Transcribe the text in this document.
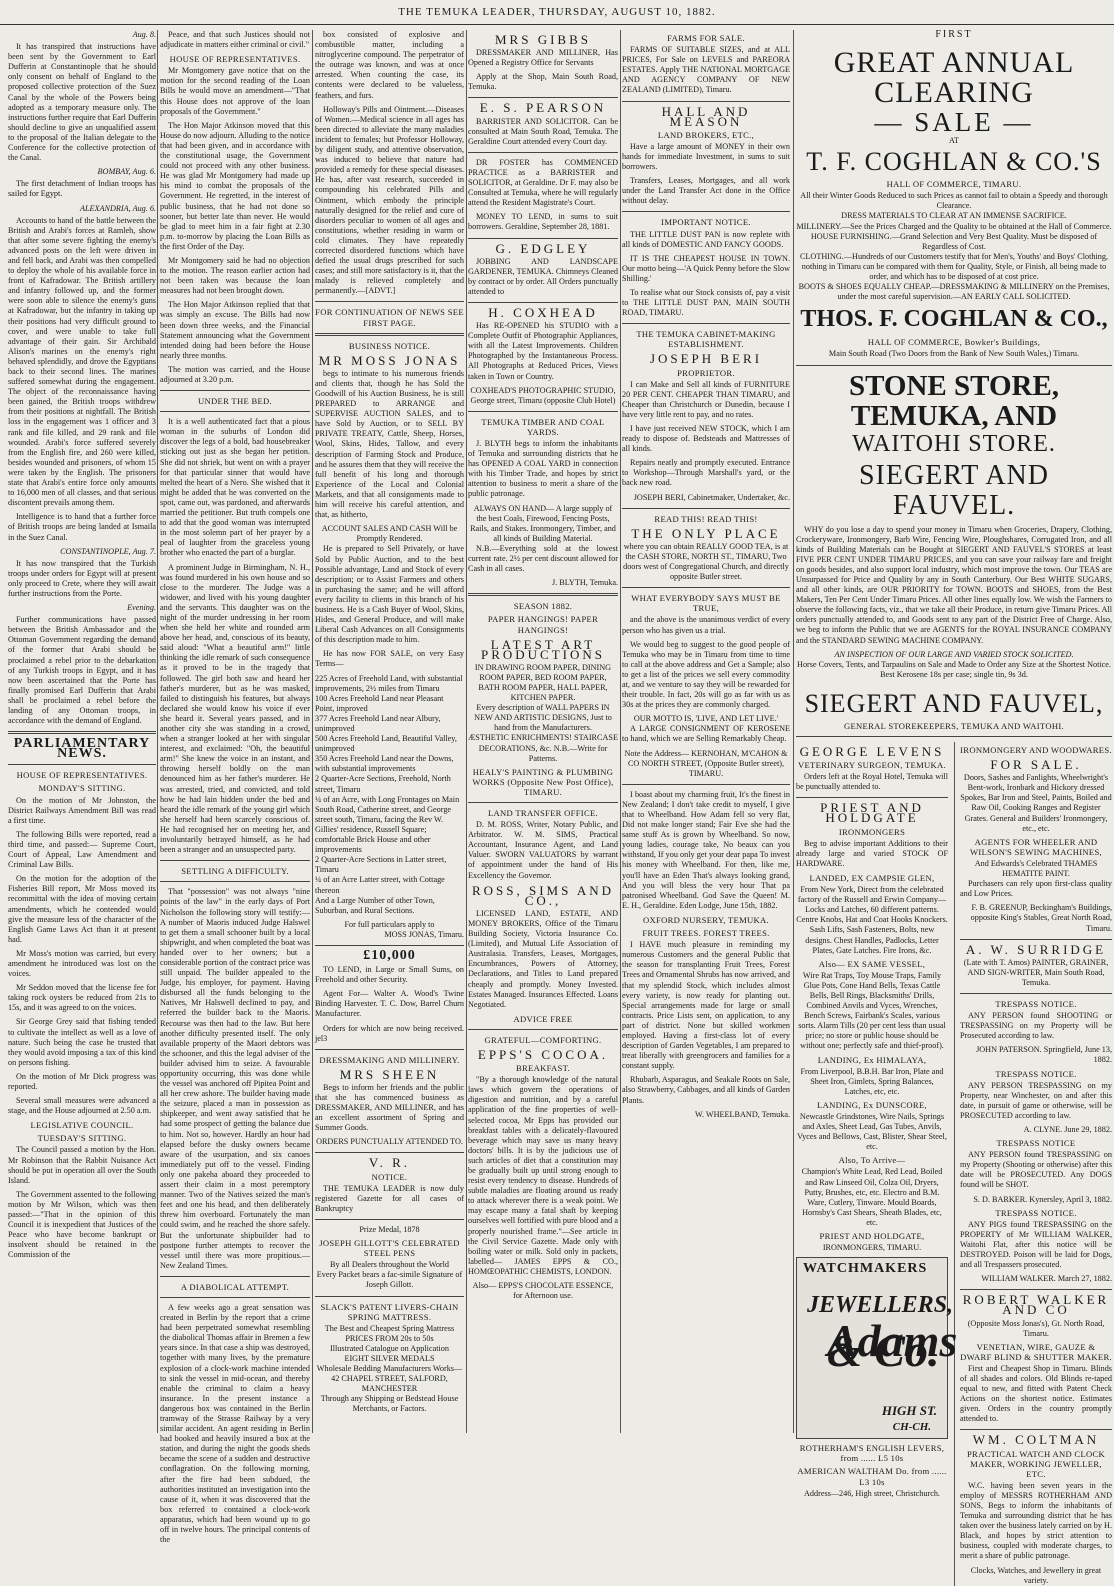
THE TEMUKA LEADER, THURSDAY, AUGUST 10, 1882.
Aug. 8.

It has transpired that instructions have been sent by the Government to Earl Dufferin at Constantinople that he should only consent on behalf of England to the proposed collective protection of the Suez Canal by the whole of the Powers being adopted as a temporary measure only. The instructions further require that Earl Dufferin should decline to give an unqualified assent to the proposal of the Italian delegate to the Conference for the collective protection of the Canal.

BOMBAY, Aug. 6.

The first detachment of Indian troops has sailed for Egypt.

ALEXANDRIA, Aug. 6.

Accounts to hand of the battle between the British and Arabi's forces at Ramleh, show that after some severe fighting the enemy's advanced posts on the left were driven in and fell back, and Arabi was then compelled to deploy the whole of his available force in front of Kafradowar. The British artillery and infantry followed up, and the former were soon able to silence the enemy's guns at Kafradowar, but the infantry in taking up their positions had very difficult ground to cover, and were unable to take full advantage of their gain. Sir Archibald Alison's marines on the enemy's right behaved splendidly, and drove the Egyptians back to their second lines. The marines suffered somewhat during the engagement. The object of the reconnaissance having been gained, the British troops withdrew from their positions at nightfall. The British loss in the engagement was 1 officer and 3 rank and file killed, and 29 rank and file wounded. Arabi's force suffered severely from the English fire, and 260 were killed, besides wounded and prisoners, of whom 15 were taken by the English. The prisoners state that Arabi's entire force only amounts to 16,000 men of all classes, and that serious discontent prevails among them.

Intelligence is to hand that a further force of British troops are being landed at Ismaila in the Suez Canal.

CONSTANTINOPLE, Aug. 7.

It has now transpired that the Turkish troops under orders for Egypt will at present only proceed to Crete, where they will await further instructions from the Porte.

Evening.

Further communications have passed between the British Ambassador and the Ottoman Government regarding the demand of the former that Arabi should be proclaimed a rebel prior to the debarkation of any Turkish troops in Egypt, and it has now been ascertained that the Porte has finally promised Earl Dufferin that Arabi shall be proclaimed a rebel before the landing of any Ottoman troops, in accordance with the demand of England.

PARLIAMENTARY NEWS.
HOUSE OF REPRESENTATIVES.
MONDAY'S SITTING.

On the motion of Mr Johnston, the District Railways Amendment Bill was read a first time.

The following Bills were reported, read a third time, and passed:— Supreme Court, Court of Appeal, Law Amendment and Criminal Law Bills.

On the motion for the adoption of the Fisheries Bill report, Mr Moss moved its recommittal with the idea of moving certain amendments, which he contended would give the measure less of the character of the English Game Laws Act than it at present had.

Mr Moss's motion was carried, but every amendment he introduced was lost on the voices.

Mr Seddon moved that the license fee for taking rock oysters be reduced from 21s to 15s, and it was agreed to on the voices.

Sir George Grey said that fishing tended to cultivate the intellect as well as a love of nature. Such being the case he trusted that they would avoid imposing a tax of this kind on persons fishing.

On the motion of Mr Dick progress was reported.

Several small measures were advanced a stage, and the House adjourned at 2.50 a.m.

LEGISLATIVE COUNCIL.
TUESDAY'S SITTING.

The Council passed a motion by the Hon. Mr Robinson that the Rabbit Nuisance Act should be put in operation all over the South Island.

The Government assented to the following motion by Mr Wilson, which was then passed:—"That in the opinion of this Council it is inexpedient that Justices of the Peace who have become bankrupt or insolvent should be retained in the Commission of the

Peace, and that such Justices should not adjudicate in matters either criminal or civil."

HOUSE OF REPRESENTATIVES.

Mr Montgomery gave notice that on the motion for the second reading of the Loan Bills he would move an amendment—"That this House does not approve of the loan proposals of the Government."

The Hon Major Atkinson moved that this House do now adjourn. Alluding to the notice that had been given, and in accordance with the constitutional usage, the Government could not proceed with any other business. He was glad Mr Montgomery had made up his mind to combat the proposals of the Government. He regretted, in the interest of public business, that he had not done so sooner, but better late than never. He would be glad to meet him in a fair fight at 2.30 p.m. to-morrow by placing the Loan Bills as the first Order of the Day.

Mr Montgomery said he had no objection to the motion. The reason earlier action had not been taken was because the loan measures had not been brought down.

The Hon Major Atkinson replied that that was simply an excuse. The Bills had now been down three weeks, and the Financial Statement announcing what the Government intended doing had been before the House nearly three months.

The motion was carried, and the House adjourned at 3.20 p.m.

UNDER THE BED.

It is a well authenticated fact that a pious woman in the suburbs of London did discover the legs of a bold, bad housebreaker sticking out just as she began her petition. She did not shriek, but went on with a prayer for that particular sinner that would have melted the heart of a Nero. She wished that it might be added that he was converted on the spot, came out, was pardoned, and afterwards married the petitioner. But truth compels one to add that the good woman was interrupted in the most solemn part of her prayer by a peal of laughter from the graceless young brother who enacted the part of a burglar.

A prominent Judge in Birmingham, N. H., was found murdered in his own house and so close to the murderer. The Judge was a widower, and lived with his young daughter and the servants. This daughter was on the night of the murder undressing in her room when she held her white and rounded arm above her head, and, conscious of its beauty, said aloud: "What a beautiful arm!" little thinking the idle remark of such consequence as it proved to be in the tragedy that followed. The girl both saw and heard her father's murderer, but as he was masked, failed to distinguish his features, but always declared she would know his voice if ever she heard it. Several years passed, and in another city she was standing in a crowd, when a stranger looked at her with singular interest, and exclaimed: "Oh, the beautiful arm!" She knew the voice in an instant, and throwing herself boldly on the man denounced him as her father's murderer. He was arrested, tried, and convicted, and told how he had lain hidden under the bed and heard the idle remark of the young girl which she herself had been scarcely conscious of. He had recognised her on meeting her, and involuntarily betrayed himself, as he had been a stranger and an unsuspected party.

SETTLING A DIFFICULTY.

That "possession" was not always "nine points of the law" in the early days of Port Nicholson the following story will testify:—A number of Maoris induced Judge Halswel to get them a small schooner built by a local shipwright, and when completed the boat was handed over to her owners; but a considerable portion of the contract price was still unpaid. The builder appealed to the Judge, his employer, for payment. Having disbursed all the funds belonging to the Natives, Mr Halswell declined to pay, and referred the builder back to the Maoris. Recourse was then had to the law. But here another difficulty presented itself. The only available property of the Maori debtors was the schooner, and this the legal adviser of the builder advised him to seize. A favourable opportunity occurring, this was done while the vessel was anchored off Pipitea Point and all her crew ashore. The builder having made the seizure, placed a man in possession as shipkeeper, and went away satisfied that he had some prospect of getting the balance due to him. Not so, however. Hardly an hour had elapsed before the dusky owners became aware of the usurpation, and six canoes immediately put off to the vessel. Finding only one pakeha aboard they proceeded to assert their claim in a most peremptory manner. Two of the Natives seized the man's feet and one his head, and then deliberately threw him overboard. Fortunately the man could swim, and he reached the shore safely. But the unfortunate shipbuilder had to postpone further attempts to recover the vessel until there was more propitious.—New Zealand Times.

A DIABOLICAL ATTEMPT.

A few weeks ago a great sensation was created in Berlin by the report that a crime had been perpetrated somewhat resembling the diabolical Thomas affair in Bremen a few years since. In that case a ship was destroyed, together with many lives, by the premature explosion of a clock-work machine intended to sink the vessel in mid-ocean, and thereby enable the criminal to claim a heavy insurance. In the present instance a dangerous box was contained in the Berlin tramway of the Strasse Railway by a very similar accident. An agent residing in Berlin had booked and heavily insured a box at the station, and during the night the goods sheds became the scene of a sudden and destructive conflagration. On the following morning, after the fire had been subdued, the authorities instituted an investigation into the cause of it, when it was discovered that the box referred to contained a clock-work apparatus, which had been wound up to go off in twelve hours. The principal contents of the

box consisted of explosive and combustible matter, including a nitroglycerine compound. The perpetrator of the outrage was known, and was at once arrested. When counting the case, its contents were declared to be valueless, feathers, and furs.

Holloway's Pills and Ointment.—Diseases of Women.—Medical science in all ages has been directed to alleviate the many maladies incident to females; but Professor Holloway, by diligent study, and attentive observation, was induced to believe that nature had provided a remedy for these special diseases. He has, after vast research, succeeded in compounding his celebrated Pills and Ointment, which embody the principle naturally designed for the relief and cure of disorders peculiar to women of all ages and constitutions, whether residing in warm or cold climates. They have repeatedly corrected disordered functions which have defied the usual drugs prescribed for such cases; and still more satisfactory is it, that the malady is relieved completely and permanently.—[ADVT.]

FOR CONTINUATION OF NEWS SEE FIRST PAGE.
BUSINESS NOTICE.
MR MOSS JONAS

begs to intimate to his numerous friends and clients that, though he has Sold the Goodwill of his Auction Business, he is still PREPARED to ARRANGE and SUPERVISE AUCTION SALES, and to have Sold by Auction, or to SELL BY PRIVATE TREATY, Cattle, Sheep, Horses, Wool, Skins, Hides, Tallow, and every description of Farming Stock and Produce, and he assures them that they will receive the full benefit of his long and thorough Experience of the Local and Colonial Markets, and that all consignments made to him will receive his careful attention, and that, as hitherto,

ACCOUNT SALES AND CASH Will be Promptly Rendered.

He is prepared to Sell Privately, or have Sold by Public Auction, and to the best Possible advantage, Land and Stock of every description; or to Assist Farmers and others in purchasing the same; and he will afford every facility to clients in this branch of his business. He is a Cash Buyer of Wool, Skins, Hides, and General Produce, and will make Liberal Cash Advances on all Consignments of this description made to him.

He has now FOR SALE, on very Easy Terms—

225 Acres of Freehold Land, with substantial improvements, 2½ miles from Timaru
100 Acres Freehold Land near Pleasant Point, improved
377 Acres Freehold Land near Albury, unimproved
500 Acres Freehold Land, Beautiful Valley, unimproved
350 Acres Freehold Land near the Downs, with substantial improvements
2 Quarter-Acre Sections, Freehold, North street, Timaru
¼ of an Acre, with Long Frontages on Main South Road, Catherine street, and George street south, Timaru, facing the Rev W. Gillies' residence, Russell Square; comfortable Brick House and other improvements
2 Quarter-Acre Sections in Latter street, Timaru
¼ of an Acre Latter street, with Cottage thereon
And a Large Number of other Town, Suburban, and Rural Sections.
For full particulars apply to
MOSS JONAS, Timaru.
£10,000

TO LEND, in Large or Small Sums, on Freehold and other Security.

Agent For— Walter A. Wood's Twine Binding Harvester. T. C. Dow, Barrel Churn Manufacturer.

Orders for which are now being received. jel3

DRESSMAKING AND MILLINERY.
MRS SHEEN

Begs to inform her friends and the public that she has commenced business as DRESSMAKER, AND MILLINER, and has an excellent assortment of Spring and Summer Goods.

ORDERS PUNCTUALLY ATTENDED TO.
V. R.
NOTICE.

THE TEMUKA LEADER is now duly registered Gazette for all cases of Bankruptcy

Prize Medal, 1878
JOSEPH GILLOTT'S CELEBRATED STEEL PENS
By all Dealers throughout the World
Every Packet bears a fac-simile Signature of Joseph Gillott.
SLACK'S PATENT LIVERS-CHAIN SPRING MATTRESS.
The Best and Cheapest Spring Mattress
PRICES FROM 20s to 50s
Illustrated Catalogue on Application
EIGHT SILVER MEDALS
Wholesale Bedding Manufacturers Works— 42 CHAPEL STREET, SALFORD, MANCHESTER
Through any Shipping or Bedstead House Merchants, or Factors.
MRS GIBBS

DRESSMAKER AND MILLINER, Has Opened a Registry Office for Servants

Apply at the Shop, Main South Road, Temuka.

E. S. PEARSON

BARRISTER AND SOLICITOR. Can be consulted at Main South Road, Temuka. The Geraldine Court attended every Court day.

DR FOSTER has COMMENCED PRACTICE as a BARRISTER and SOLICITOR, at Geraldine. Dr F. may also be Consulted at Temuka, where he will regularly attend the Resident Magistrate's Court.

MONEY TO LEND, in sums to suit borrowers. Geraldine, September 28, 1881.

G. EDGLEY

JOBBING AND LANDSCAPE GARDENER, TEMUKA. Chimneys Cleaned by contract or by order. All Orders punctually attended to

H. COXHEAD

Has RE-OPENED his STUDIO with a Complete Outfit of Photographic Appliances, with all the Latest Improvements. Children Photographed by the Instantaneous Process. All Photographs at Reduced Prices, Views taken in Town or Country.

COXHEAD'S PHOTOGRAPHIC STUDIO, George street, Timaru (opposite Club Hotel)
TEMUKA TIMBER AND COAL YARDS.

J. BLYTH begs to inform the inhabitants of Temuka and surrounding districts that he has OPENED A COAL YARD in connection with his Timber Trade, and hopes by strict attention to business to merit a share of the public patronage.

ALWAYS ON HAND— A large supply of the best Coals, Firewood, Fencing Posts, Rails, and Stakes. Ironmongery, Timber, and all kinds of Building Material.

N.B.—Everything sold at the lowest current rate. 2½ per cent discount allowed for Cash in all cases.

J. BLYTH, Temuka.
SEASON 1882.
PAPER HANGINGS! PAPER HANGINGS!
LATEST ART PRODUCTIONS
IN DRAWING ROOM PAPER, DINING ROOM PAPER, BED ROOM PAPER, BATH ROOM PAPER, HALL PAPER, KITCHEN PAPER.
Every description of WALL PAPERS IN NEW AND ARTISTIC DESIGNS, Just to hand from the Manufacturers.
ÆSTHETIC ENRICHMENTS! STAIRCASE DECORATIONS, &c. N.B.—Write for Patterns.
HEALY'S PAINTING & PLUMBING WORKS (Opposite New Post Office), TIMARU.
LAND TRANSFER OFFICE.

D. M. ROSS, Writer, Notary Public, and Arbitrator. W. M. SIMS, Practical Accountant, Insurance Agent, and Land Valuer. SWORN VALUATORS by warrant of appointment under the hand of His Excellency the Governor.

ROSS, SIMS AND CO.,

LICENSED LAND, ESTATE, AND MONEY BROKERS, Office of the Timaru Building Society, Victoria Insurance Co. (Limited), and Mutual Life Association of Australasia. Transfers, Leases, Mortgages, Encumbrances, Powers of Attorney, Declarations, and Titles to Land prepared cheaply and promptly. Money Invested. Estates Managed. Insurances Effected. Loans Negotiated.

ADVICE FREE
GRATEFUL—COMFORTING.
EPPS'S COCOA.
BREAKFAST.

"By a thorough knowledge of the natural laws which govern the operations of digestion and nutrition, and by a careful application of the fine properties of well-selected cocoa, Mr Epps has provided our breakfast tables with a delicately-flavoured beverage which may save us many heavy doctors' bills. It is by the judicious use of such articles of diet that a constitution may be gradually built up until strong enough to resist every tendency to disease. Hundreds of subtle maladies are floating around us ready to attack wherever there is a weak point. We may escape many a fatal shaft by keeping ourselves well fortified with pure blood and a properly nourished frame."—See article in the Civil Service Gazette. Made only with boiling water or milk. Sold only in packets, labelled— JAMES EPPS & CO., HOMŒOPATHIC CHEMISTS, LONDON.

Also— EPPS'S CHOCOLATE ESSENCE, for Afternoon use.
FARMS FOR SALE.

FARMS OF SUITABLE SIZES, and at ALL PRICES, For Sale on LEVELS and PAREORA ESTATES. Apply THE NATIONAL MORTGAGE AND AGENCY COMPANY OF NEW ZEALAND (LIMITED), Timaru.

HALL AND MEASON
LAND BROKERS, ETC.,

Have a large amount of MONEY in their own hands for immediate Investment, in sums to suit borrowers.

Transfers, Leases, Mortgages, and all work under the Land Transfer Act done in the Office without delay.

IMPORTANT NOTICE.

THE LITTLE DUST PAN is now replete with all kinds of DOMESTIC AND FANCY GOODS.

IT IS THE CHEAPEST HOUSE IN TOWN. Our motto being—'A Quick Penny before the Slow Shilling.'

To realise what our Stock consists of, pay a visit to THE LITTLE DUST PAN, MAIN SOUTH ROAD, TIMARU.

THE TEMUKA CABINET-MAKING ESTABLISHMENT.
JOSEPH BERI
PROPRIETOR.

I can Make and Sell all kinds of FURNITURE 20 PER CENT. CHEAPER THAN TIMARU, and Cheaper than Christchurch or Dunedin, because I have very little rent to pay, and no rates.

I have just received NEW STOCK, which I am ready to dispose of. Bedsteads and Mattresses of all kinds.

Repairs neatly and promptly executed. Entrance to Workshop—Through Marshall's yard, or the back new road.

JOSEPH BERI, Cabinetmaker, Undertaker, &c.
READ THIS! READ THIS!
THE ONLY PLACE
where you can obtain REALLY GOOD TEA, is at the CASH STORE, NORTH ST., TIMARU, Two doors west of Congregational Church, and directly opposite Butler street.
WHAT EVERYBODY SAYS MUST BE TRUE,

and the above is the unanimous verdict of every person who has given us a trial.

We would beg to suggest to the good people of Temuka who may be in Timaru from time to time to call at the above address and Get a Sample; also to get a list of the prices we sell every commodity at, and we venture to say they will be rewarded for their trouble. In fact, 20s will go as far with us as 30s at the prices they are commonly charged.

OUR MOTTO IS, 'LIVE, AND LET LIVE.'

A LARGE CONSIGNMENT OF KEROSENE to hand, which we are Selling Remarkably Cheap.

Note the Address— KERNOHAN, M'CAHON & CO NORTH STREET, (Opposite Butler street), TIMARU.

I boast about my charming fruit, It's the finest in New Zealand; I don't take credit to myself, I give that to Wheelband. How Adam fell so very flat, Did not make longer stand; Fair Eve she had the same stuff As is grown by Wheelband. So now, young ladies, courage take, No beaux can you withstand, If you only get your dear papa To invest his money with Wheelband. For then, like me, you'll have an Eden That's always looking grand, And you will bless the very hour That pa patronised Wheelband. God Save the Queen! M. E. H., Geraldine. Eden Lodge, June 15th, 1882.

OXFORD NURSERY, TEMUKA.
FRUIT TREES. FOREST TREES.

I HAVE much pleasure in reminding my numerous Customers and the general Public that the season for transplanting Fruit Trees, Forest Trees and Ornamental Shrubs has now arrived, and that my splendid Stock, which includes almost every variety, is now ready for planting out. Special arrangements made for large or small contracts. Price Lists sent, on application, to any part of district. None but skilled workmen employed. Having a first-class lot of every description of Garden Vegetables, I am prepared to treat liberally with greengrocers and families for a constant supply.

Rhubarb, Asparagus, and Seakale Roots on Sale, also Strawberry, Cabbages, and all kinds of Garden Plants.

W. WHEELBAND, Temuka.
FIRST
GREAT ANNUAL CLEARING
— SALE —
AT
T. F. COGHLAN & CO.'S
HALL OF COMMERCE, TIMARU.
All their Winter Goods Reduced to such Prices as cannot fail to obtain a Speedy and thorough Clearance.
DRESS MATERIALS TO CLEAR AT AN IMMENSE SACRIFICE.
MILLINERY.—See the Prices Charged and the Quality to be obtained at the Hall of Commerce.
HOUSE FURNISHING.—Grand Selection and Very Best Quality. Must be disposed of Regardless of Cost.
CLOTHING.—Hundreds of our Customers testify that for Men's, Youths' and Boys' Clothing, nothing in Timaru can be compared with them for Quality, Style, or Finish, all being made to order, and which has to be disposed of at cost price.
BOOTS & SHOES EQUALLY CHEAP.—DRESSMAKING & MILLINERY on the Premises, under the most careful supervision.—AN EARLY CALL SOLICITED.
THOS. F. COGHLAN & CO.,
HALL OF COMMERCE, Bowker's Buildings,
Main South Road (Two Doors from the Bank of New South Wales,) Timaru.
STONE STORE, TEMUKA, AND
WAITOHI STORE.
SIEGERT AND FAUVEL.

WHY do you lose a day to spend your money in Timaru when Groceries, Drapery, Clothing, Crockeryware, Ironmongery, Barb Wire, Fencing Wire, Ploughshares, Corrugated Iron, and all kinds of Building Materials can be Bought at SIEGERT AND FAUVEL'S STORES at least FIVE PER CENT UNDER TIMARU PRICES, and you can save your railway fare and freight on goods besides, and also support local industry, which most improve the town. Our TEAS are Unsurpassed for Price and Quality by any in South Canterbury. Our Best WHITE SUGARS, and all other kinds, are OUR PRIORITY for TOWN. BOOTS and SHOES, from the Best Makers, Ten Per Cent Under Timaru Prices. All other lines equally low. We wish the Farmers to observe the following facts, viz., that we take all their Produce, in return give Timaru Prices. All orders punctually attended to, and Goods sent to any part of the District Free of Charge. Also, we beg to inform the Public that we are AGENTS for the ROYAL INSURANCE COMPANY and the STANDARD SEWING MACHINE COMPANY.

AN INSPECTION OF OUR LARGE AND VARIED STOCK SOLICITED.
Horse Covers, Tents, and Tarpaulins on Sale and Made to Order any Size at the Shortest Notice.
Best Kerosene 18s per case; single tin, 9s 3d.
SIEGERT AND FAUVEL,
GENERAL STOREKEEPERS, TEMUKA AND WAITOHI.
GEORGE LEVENS
VETERINARY SURGEON, TEMUKA.

Orders left at the Royal Hotel, Temuka will be punctually attended to.

PRIEST AND HOLDGATE
IRONMONGERS

Beg to advise important Additions to their already large and varied STOCK OF HARDWARE.

LANDED, EX CAMPSIE GLEN,
From New York, Direct from the celebrated factory of the Russell and Erwin Company— Locks and Latches, 60 different patterns. Centre Knobs, Hat and Coat Hooks Knockers. Sash Lifts, Sash Fasteners, Bolts, new designs. Chest Handles, Padlocks, Letter Plates, Gate Latches. Fire Irons, &c.
Also— EX SAME VESSEL,
Wire Rat Traps, Toy Mouse Traps, Family Glue Pots, Cone Hand Bells, Texas Cattle Bells, Bell Rings, Blacksmiths' Drills, Combined Anvils and Vyces, Wrenches, Bench Screws, Fairbank's Scales, various sorts. Alarm Tills (20 per cent less than usual price; no store or public house should be without one; perfectly safe and thief-proof).
LANDING, Ex HIMALAYA,
From Liverpool, B.B.H. Bar Iron, Plate and Sheet Iron, Gimlets, Spring Balances, Latches, etc, etc.
LANDING, Ex DUNSCORE,
Newcastle Grindstones, Wire Nails, Springs and Axles, Sheet Lead, Gas Tubes, Anvils, Vyces and Bellows, Cast, Blister, Shear Steel, etc.
Also, To Arrive—
Champion's White Lead, Red Lead, Boiled and Raw Linseed Oil, Colza Oil, Dryers, Putty, Brushes, etc, etc. Electro and B.M. Ware, Cutlery, Tinware. Mould Boards, Hornsby's Cast Shears, Sheath Blades, etc, etc.
PRIEST AND HOLDGATE,
IRONMONGERS, TIMARU.
WATCHMAKERS
JEWELLERS,
Adams & Co.
HIGH ST.
CH-CH.
ROTHERHAM'S ENGLISH LEVERS, from ...... L5 10s
AMERICAN WALTHAM Do. from ...... L3 10s
Address—246, High street, Christchurch.
IRONMONGERY AND WOODWARES.
FOR SALE.
Doors, Sashes and Fanlights, Wheelwright's Bent-work, Ironbark and Hickory dressed Spokes, Bar Iron and Steel, Paints, Boiled and Raw Oil, Cooking Ranges and Register Grates. General and Builders' Ironmongery, etc., etc.
AGENTS FOR WHEELER AND WILSON'S SEWING MACHINES,
And Edwards's Celebrated THAMES HEMATITE PAINT.

Purchasers can rely upon first-class quality and Low Prices.

F. B. GREENUP, Beckingham's Buildings, opposite King's Stables, Great North Road, Timaru.
A. W. SURRIDGE
(Late with T. Amos) PAINTER, GRAINER, AND SIGN-WRITER, Main South Road, Temuka.
TRESPASS NOTICE.

ANY PERSON found SHOOTING or TRESPASSING on my Property will be Prosecuted according to law.

JOHN PATERSON. Springfield, June 13, 1882.
TRESPASS NOTICE.

ANY PERSON TRESPASSING on my Property, near Winchester, on and after this date, in pursuit of game or otherwise, will be PROSECUTED according to law.

A. CLYNE. June 29, 1882.
TRESPASS NOTICE

ANY PERSON found TRESPASSING on my Property (Shooting or otherwise) after this date will be PROSECUTED. Any DOGS found will be SHOT.

S. D. BARKER. Kynersley, April 3, 1882.
TRESPASS NOTICE.

ANY PIGS found TRESPASSING on the PROPERTY of Mr WILLIAM WALKER, Waitohi Flat, after this notice will be DESTROYED. Poison will be laid for Dogs, and all Trespassers prosecuted.

WILLIAM WALKER. March 27, 1882.
ROBERT WALKER AND CO
(Opposite Moss Jonas's), Gt. North Road, Timaru.
VENETIAN, WIRE, GAUZE & DWARF BLIND & SHUTTER MAKER.

First and Cheapest Shop in Timaru. Blinds of all shades and colors. Old Blinds re-taped equal to new, and fitted with Patent Check Actions on the shortest notice. Estimates given. Orders in the country promptly attended to.

WM. COLTMAN
PRACTICAL WATCH AND CLOCK MAKER, WORKING JEWELLER, ETC.

W.C. having been seven years in the employ of MESSRS ROTHERHAM AND SONS, Begs to inform the inhabitants of Temuka and surrounding district that he has taken over the business lately carried on by H. Black, and hopes by strict attention to business, coupled with moderate charges, to merit a share of public patronage.

Clocks, Watches, and Jewellery in great variety.
